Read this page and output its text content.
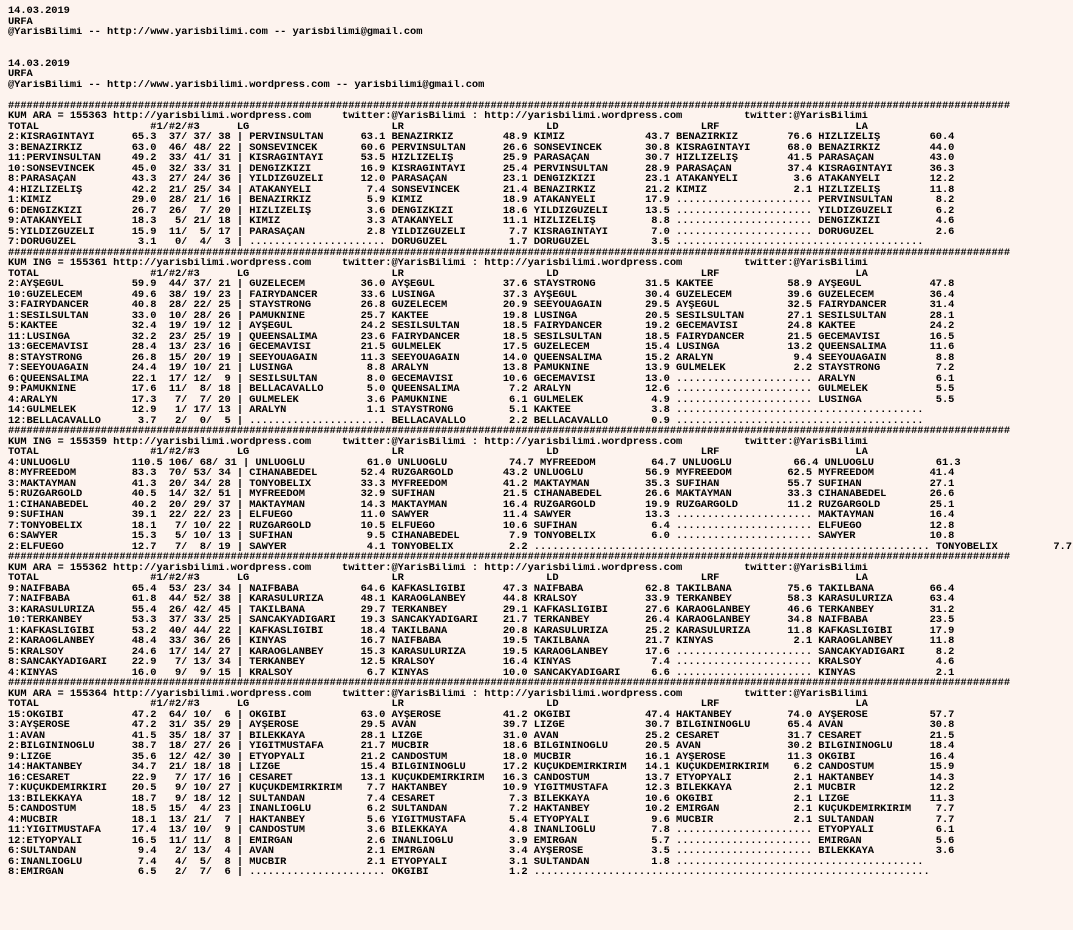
14.03.2019
URFA
@YarisBilimi -- http://www.yarisbilimi.com -- yarisbilimi@gmail.com

14.03.2019
URFA
@YarisBilimi -- http://www.yarisbilimi.wordpress.com -- yarisbilimi@gmail.com

##################################################################################################################################################################
KUM ARA = 155363 http://yarisbilimi.wordpress.com     twitter:@YarisBilimi : http://yarisbilimi.wordpress.com          twitter:@YarisBilimi
TOTAL                  #1/#2/#3      LG                       LR                       LD                       LRF                      LA
2:KISRAĞINTAYI      65.3  37/ 37/ 38 | PERVİNSULTAN      63.1 BENAZİRKIZ        48.9 KIMIZ             43.7 BENAZİRKIZ        76.6 HIZLIZELİŞ        60.4
3:BENAZİRKIZ        63.0  46/ 48/ 22 | SONSEVİNCEK       60.6 PERVİNSULTAN      26.6 SONSEVİNCEK       30.8 KISRAĞINTAYI      68.0 BENAZİRKIZ        44.0
11:PERVİNSULTAN     49.2  33/ 41/ 31 | KISRAĞINTAYI      53.5 HIZLIZELİŞ        25.9 PARASAÇAN         30.7 HIZLIZELİŞ        41.5 PARASAÇAN         43.0
10:SONSEVİNCEK      45.0  32/ 33/ 31 | DENGİZKIZI        16.9 KISRAĞINTAYI      25.4 PERVİNSULTAN      28.9 PARASAÇAN         37.4 KISRAĞINTAYI      36.3
8:PARASAÇAN         43.3  27/ 24/ 36 | YILDIZGÜZELİ      12.0 PARASAÇAN         23.1 DENGİZKIZI        23.1 ATAKANYELİ         3.6 ATAKANYELİ        12.2
4:HIZLIZELİŞ        42.2  21/ 25/ 34 | ATAKANYELİ         7.4 SONSEVİNCEK       21.4 BENAZİRKIZ        21.2 KIMIZ              2.1 HIZLIZELİŞ        11.8
1:KIMIZ             29.0  28/ 21/ 16 | BENAZİRKIZ         5.9 KIMIZ             18.9 ATAKANYELİ        17.9 ...................... PERVİNSULTAN       8.2
6:DENGİZKIZI        26.7  26/  7/ 20 | HIZLIZELİŞ         3.6 DENGİZKIZI        18.6 YILDIZGÜZELİ      13.5 ...................... YILDIZGÜZELİ       6.2
9:ATAKANYELİ        18.3   5/ 21/ 18 | KIMIZ              3.3 ATAKANYELİ        11.1 HIZLIZELİŞ         8.8 ...................... DENGİZKIZI         4.6
5:YILDIZGÜZELİ      15.9  11/  5/ 17 | PARASAÇAN          2.8 YILDIZGÜZELİ       7.7 KISRAĞINTAYI       7.0 ...................... DORUGÜZEL          2.6
7:DORUGÜZEL          3.1   0/  4/  3 | ...................... DORUGÜZEL          1.7 DORUGÜZEL          3.5 ........................................
##################################################################################################################################################################
KUM İNG = 155361 http://yarisbilimi.wordpress.com     twitter:@YarisBilimi : http://yarisbilimi.wordpress.com          twitter:@YarisBilimi
TOTAL                  #1/#2/#3      LG                       LR                       LD                       LRF                      LA
2:AYŞEGÜL           59.9  44/ 37/ 21 | GÜZELECEM         36.0 AYŞEGÜL           37.6 STAYSTRONG        31.5 KAKTEE            58.9 AYŞEGÜL           47.8
10:GÜZELECEM        49.6  38/ 19/ 23 | FAIRYDANCER       33.6 LUSINGA           37.3 AYŞEGÜL           30.4 GÜZELECEM         39.6 GÜZELECEM         36.4
3:FAIRYDANCER       40.8  28/ 22/ 25 | STAYSTRONG        26.8 GÜZELECEM         20.9 SEEYOUAGAIN       29.5 AYŞEGÜL           32.5 FAIRYDANCER       31.4
1:SESİLSULTAN       33.0  10/ 28/ 26 | PAMUKNİNE         25.7 KAKTEE            19.8 LUSINGA           20.5 SESİLSULTAN       27.1 SESİLSULTAN       28.1
5:KAKTEE            32.4  19/ 19/ 12 | AYŞEGÜL           24.2 SESİLSULTAN       18.5 FAIRYDANCER       19.2 GECEMAVİSİ        24.8 KAKTEE            24.2
11:LUSINGA          32.2  23/ 25/ 19 | QUEENSALİMA       23.6 FAIRYDANCER       18.5 SESİLSULTAN       18.5 FAIRYDANCER       21.5 GECEMAVİSİ        16.5
13:GECEMAVİSİ       28.4  13/ 23/ 16 | GECEMAVİSİ        21.5 GÜLMELEK          17.5 GÜZELECEM         15.4 LUSINGA           13.2 QUEENSALİMA       11.6
8:STAYSTRONG        26.8  15/ 20/ 19 | SEEYOUAGAIN       11.3 SEEYOUAGAIN       14.0 QUEENSALİMA       15.2 ARALYN             9.4 SEEYOUAGAIN        8.8
7:SEEYOUAGAIN       24.4  19/ 10/ 21 | LUSINGA            8.8 ARALYN            13.8 PAMUKNİNE         13.9 GÜLMELEK           2.2 STAYSTRONG         7.2
6:QUEENSALİMA       22.1  17/ 12/  9 | SESİLSULTAN        8.0 GECEMAVİSİ        10.6 GECEMAVİSİ        13.0 ...................... ARALYN             6.1
9:PAMUKNİNE         17.6  11/  8/ 18 | BELLACAVALLO       5.0 QUEENSALİMA        7.2 ARALYN            12.6 ...................... GÜLMELEK           5.5
4:ARALYN            17.3   7/  7/ 20 | GÜLMELEK           3.6 PAMUKNİNE          6.1 GÜLMELEK           4.9 ...................... LUSINGA            5.5
14:GÜLMELEK         12.9   1/ 17/ 13 | ARALYN             1.1 STAYSTRONG         5.1 KAKTEE             3.8 ........................................
12:BELLACAVALLO      3.7   2/  0/  5 | ...................... BELLACAVALLO       2.2 BELLACAVALLO       0.9 ........................................
##################################################################################################################################################################
KUM İNG = 155359 http://yarisbilimi.wordpress.com     twitter:@YarisBilimi : http://yarisbilimi.wordpress.com          twitter:@YarisBilimi
TOTAL                  #1/#2/#3      LG                       LR                       LD                       LRF                      LA
4:ÜNLÜOĞLU          110.5 106/ 68/ 31 | ÜNLÜOĞLU          61.0 ÜNLÜOĞLU          74.7 MYFREEDOM         64.7 ÜNLÜOĞLU          66.4 ÜNLÜOĞLU          61.3
8:MYFREEDOM         83.3  70/ 53/ 34 | CİHANABEDEL       52.4 RÜZGARGOLD        43.2 ÜNLÜOĞLU          56.9 MYFREEDOM         62.5 MYFREEDOM         41.4
3:MAKTAYMAN         41.3  20/ 34/ 28 | TONYOBELIX        33.3 MYFREEDOM         41.2 MAKTAYMAN         35.3 SUFİHAN           55.7 SUFİHAN           27.1
5:RÜZGARGOLD        40.5  14/ 32/ 51 | MYFREEDOM         32.9 SUFİHAN           21.5 CİHANABEDEL       26.6 MAKTAYMAN         33.3 CİHANABEDEL       26.6
1:CİHANABEDEL       40.2  20/ 29/ 37 | MAKTAYMAN         14.3 MAKTAYMAN         16.4 RÜZGARGOLD        19.9 RÜZGARGOLD        11.2 RÜZGARGOLD        25.1
9:SUFİHAN           39.1  22/ 22/ 23 | ELFUEGO           11.0 SAWYER            11.4 SAWYER            13.3 ...................... MAKTAYMAN         16.4
7:TONYOBELIX        18.1   7/ 10/ 22 | RÜZGARGOLD        10.5 ELFUEGO           10.6 SUFİHAN            6.4 ...................... ELFUEGO           12.8
6:SAWYER            15.3   5/ 10/ 13 | SUFİHAN            9.5 CİHANABEDEL        7.9 TONYOBELIX         6.0 ...................... SAWYER            10.8
2:ELFUEGO           12.7   7/  8/ 19 | SAWYER             4.1 TONYOBELIX         2.2 ................................................................ TONYOBELIX         7.7
##################################################################################################################################################################
KUM ARA = 155362 http://yarisbilimi.wordpress.com     twitter:@YarisBilimi : http://yarisbilimi.wordpress.com          twitter:@YarisBilimi
TOTAL                  #1/#2/#3      LG                       LR                       LD                       LRF                      LA
9:NAİFBABA          65.4  53/ 23/ 34 | NAİFBABA          64.6 KAFKASLIGİBİ      47.3 NAİFBABA          62.8 TAKILBANA         75.6 TAKILBANA         66.4
7:NAİFBABA          61.8  44/ 52/ 38 | KARASULURIZA      48.1 KARAOĞLANBEY      44.8 KRALSOY           33.9 TERKANBEY         58.3 KARASULURIZA      63.4
3:KARASULURIZA      55.4  26/ 42/ 45 | TAKILBANA         29.7 TERKANBEY         29.1 KAFKASLIGİBİ      27.6 KARAOĞLANBEY      46.6 TERKANBEY         31.2
10:TERKANBEY        53.3  37/ 33/ 25 | SANCAKYADİGARI    19.3 SANCAKYADİGARI    21.7 TERKANBEY         26.4 KARAOĞLANBEY      34.8 NAİFBABA          23.5
1:KAFKASLIGİBİ      53.2  40/ 44/ 22 | KAFKASLIGİBİ      18.4 TAKILBANA         20.8 KARASULURIZA      25.2 KARASULURIZA      11.8 KAFKASLIGİBİ      17.9
2:KARAOĞLANBEY      48.4  33/ 36/ 26 | KİNYAS            16.7 NAİFBABA          19.5 TAKILBANA         21.7 KİNYAS             2.1 KARAOĞLANBEY      11.8
5:KRALSOY           24.6  17/ 14/ 27 | KARAOĞLANBEY      15.3 KARASULURIZA      19.5 KARAOĞLANBEY      17.6 ...................... SANCAKYADİGARI     8.2
8:SANCAKYADİGARI    22.9   7/ 13/ 34 | TERKANBEY         12.5 KRALSOY           16.4 KİNYAS             7.4 ...................... KRALSOY            4.6
4:KİNYAS            16.0   9/  9/ 15 | KRALSOY            6.7 KİNYAS            10.0 SANCAKYADİGARI     6.6 ...................... KİNYAS             2.1
##################################################################################################################################################################
KUM ARA = 155364 http://yarisbilimi.wordpress.com     twitter:@YarisBilimi : http://yarisbilimi.wordpress.com          twitter:@YarisBilimi
TOTAL                  #1/#2/#3      LG                       LR                       LD                       LRF                      LA
15:OKGİBİ           47.2  64/ 10/  6 | OKGİBİ            63.0 AYŞEROSE          41.2 OKGİBİ            47.4 HAKTANBEY         74.0 AYŞEROSE          57.7
3:AYŞEROSE          47.2  31/ 35/ 29 | AYŞEROSE          29.5 AVAN              39.7 LİZGE             30.7 BİLGİNİNOĞLU      65.4 AVAN              30.8
1:AVAN              41.5  35/ 18/ 37 | BİLEKKAYA         28.1 LİZGE             31.0 AVAN              25.2 CESARET           31.7 CESARET           21.5
2:BİLGİNİNOĞLU      38.7  18/ 27/ 26 | YİĞİTMUSTAFA      21.7 MÜCBİR            18.6 BİLGİNİNOĞLU      20.5 AVAN              30.2 BİLGİNİNOĞLU      18.4
9:LİZGE             35.6  12/ 42/ 30 | ETYOPYALI         21.2 CANDOSTUM         18.0 MÜCBİR            16.1 AYŞEROSE          11.3 OKGİBİ            16.4
14:HAKTANBEY        34.7  21/ 18/ 18 | LİZGE             15.4 BİLGİNİNOĞLU      17.2 KÜÇÜKDEMİRKIRIM   14.1 KÜÇÜKDEMİRKIRIM    6.2 CANDOSTUM         15.9
16:CESARET          22.9   7/ 17/ 16 | CESARET           13.1 KÜÇÜKDEMİRKIRIM   16.3 CANDOSTUM         13.7 ETYOPYALI          2.1 HAKTANBEY         14.3
7:KÜÇÜKDEMİRKIRI    20.5   9/ 10/ 27 | KÜÇÜKDEMİRKIRIM    7.7 HAKTANBEY         10.9 YİĞİTMUSTAFA      12.3 BİLEKKAYA          2.1 MÜCBİR            12.2
13:BİLEKKAYA        18.7   9/ 18/ 12 | SULTANDAN          7.4 CESARET            7.3 BİLEKKAYA         10.6 OKGİBİ             2.1 LİZGE             11.3
5:CANDOSTUM         18.5  15/  4/ 23 | İNANLIOĞLU         6.2 SULTANDAN          7.2 HAKTANBEY         10.2 EMİRGAN            2.1 KÜÇÜKDEMİRKIRIM    7.7
4:MÜCBİR            18.1  13/ 21/  7 | HAKTANBEY          5.6 YİĞİTMUSTAFA       5.4 ETYOPYALI          9.6 MÜCBİR             2.1 SULTANDAN          7.7
11:YİĞİTMUSTAFA     17.4  13/ 10/  9 | CANDOSTUM          3.6 BİLEKKAYA          4.8 İNANLIOĞLU         7.8 ...................... ETYOPYALI          6.1
12:ETYOPYALI        16.5  11/ 11/  8 | EMİRGAN            2.6 İNANLIOĞLU         3.9 EMİRGAN            5.7 ...................... EMİRGAN            5.6
6:SULTANDAN          9.4   2/ 13/  4 | AVAN               2.1 EMİRGAN            3.4 AYŞEROSE           3.5 ...................... BİLEKKAYA          3.6
6:İNANLIOĞLU         7.4   4/  5/  8 | MÜCBİR             2.1 ETYOPYALI          3.1 SULTANDAN          1.8 ........................................
8:EMİRGAN            6.5   2/  7/  6 | ...................... OKGİBİ             1.2 ................................................................
